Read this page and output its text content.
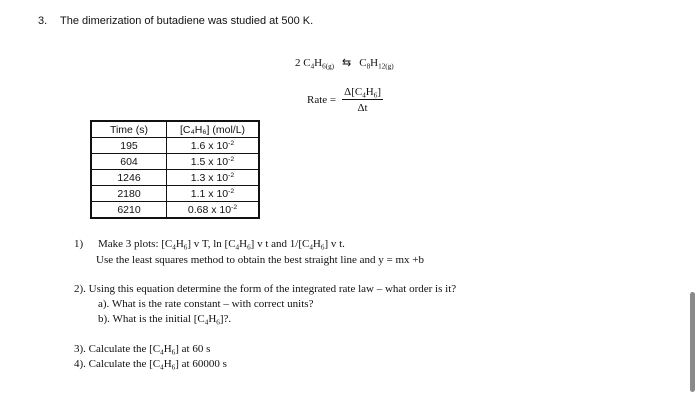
3. The dimerization of butadiene was studied at 500 K.
2 $C_4H_{6(g)}$ ⇆ $C_8H_{12(g)}$
Rate = $\frac{\Delta[C_4H_6]}{\Delta t}$
Time (s)	[C₄H₆] (mol/L)
195	1.6 x $10^{-2}$
604	1.5 x $10^{-2}$
1246	1.3 x $10^{-2}$
2180	1.1 x $10^{-2}$
6210	0.68 x $10^{-2}$
1) Make 3 plots: $[C_4H_6]$ v T, $\ln [C_4H_6]$ v t and $1/[C_4H_6]$ v t.
Use the least squares method to obtain the best straight line and y = mx +b
2). Using this equation determine the form of the integrated rate law – what order is it?
a). What is the rate constant – with correct units?
b). What is the initial $[C_4H_6]$?.
3). Calculate the $[C_4H_6]$ at 60 s
4). Calculate the $[C_4H_6]$ at 60000 s
